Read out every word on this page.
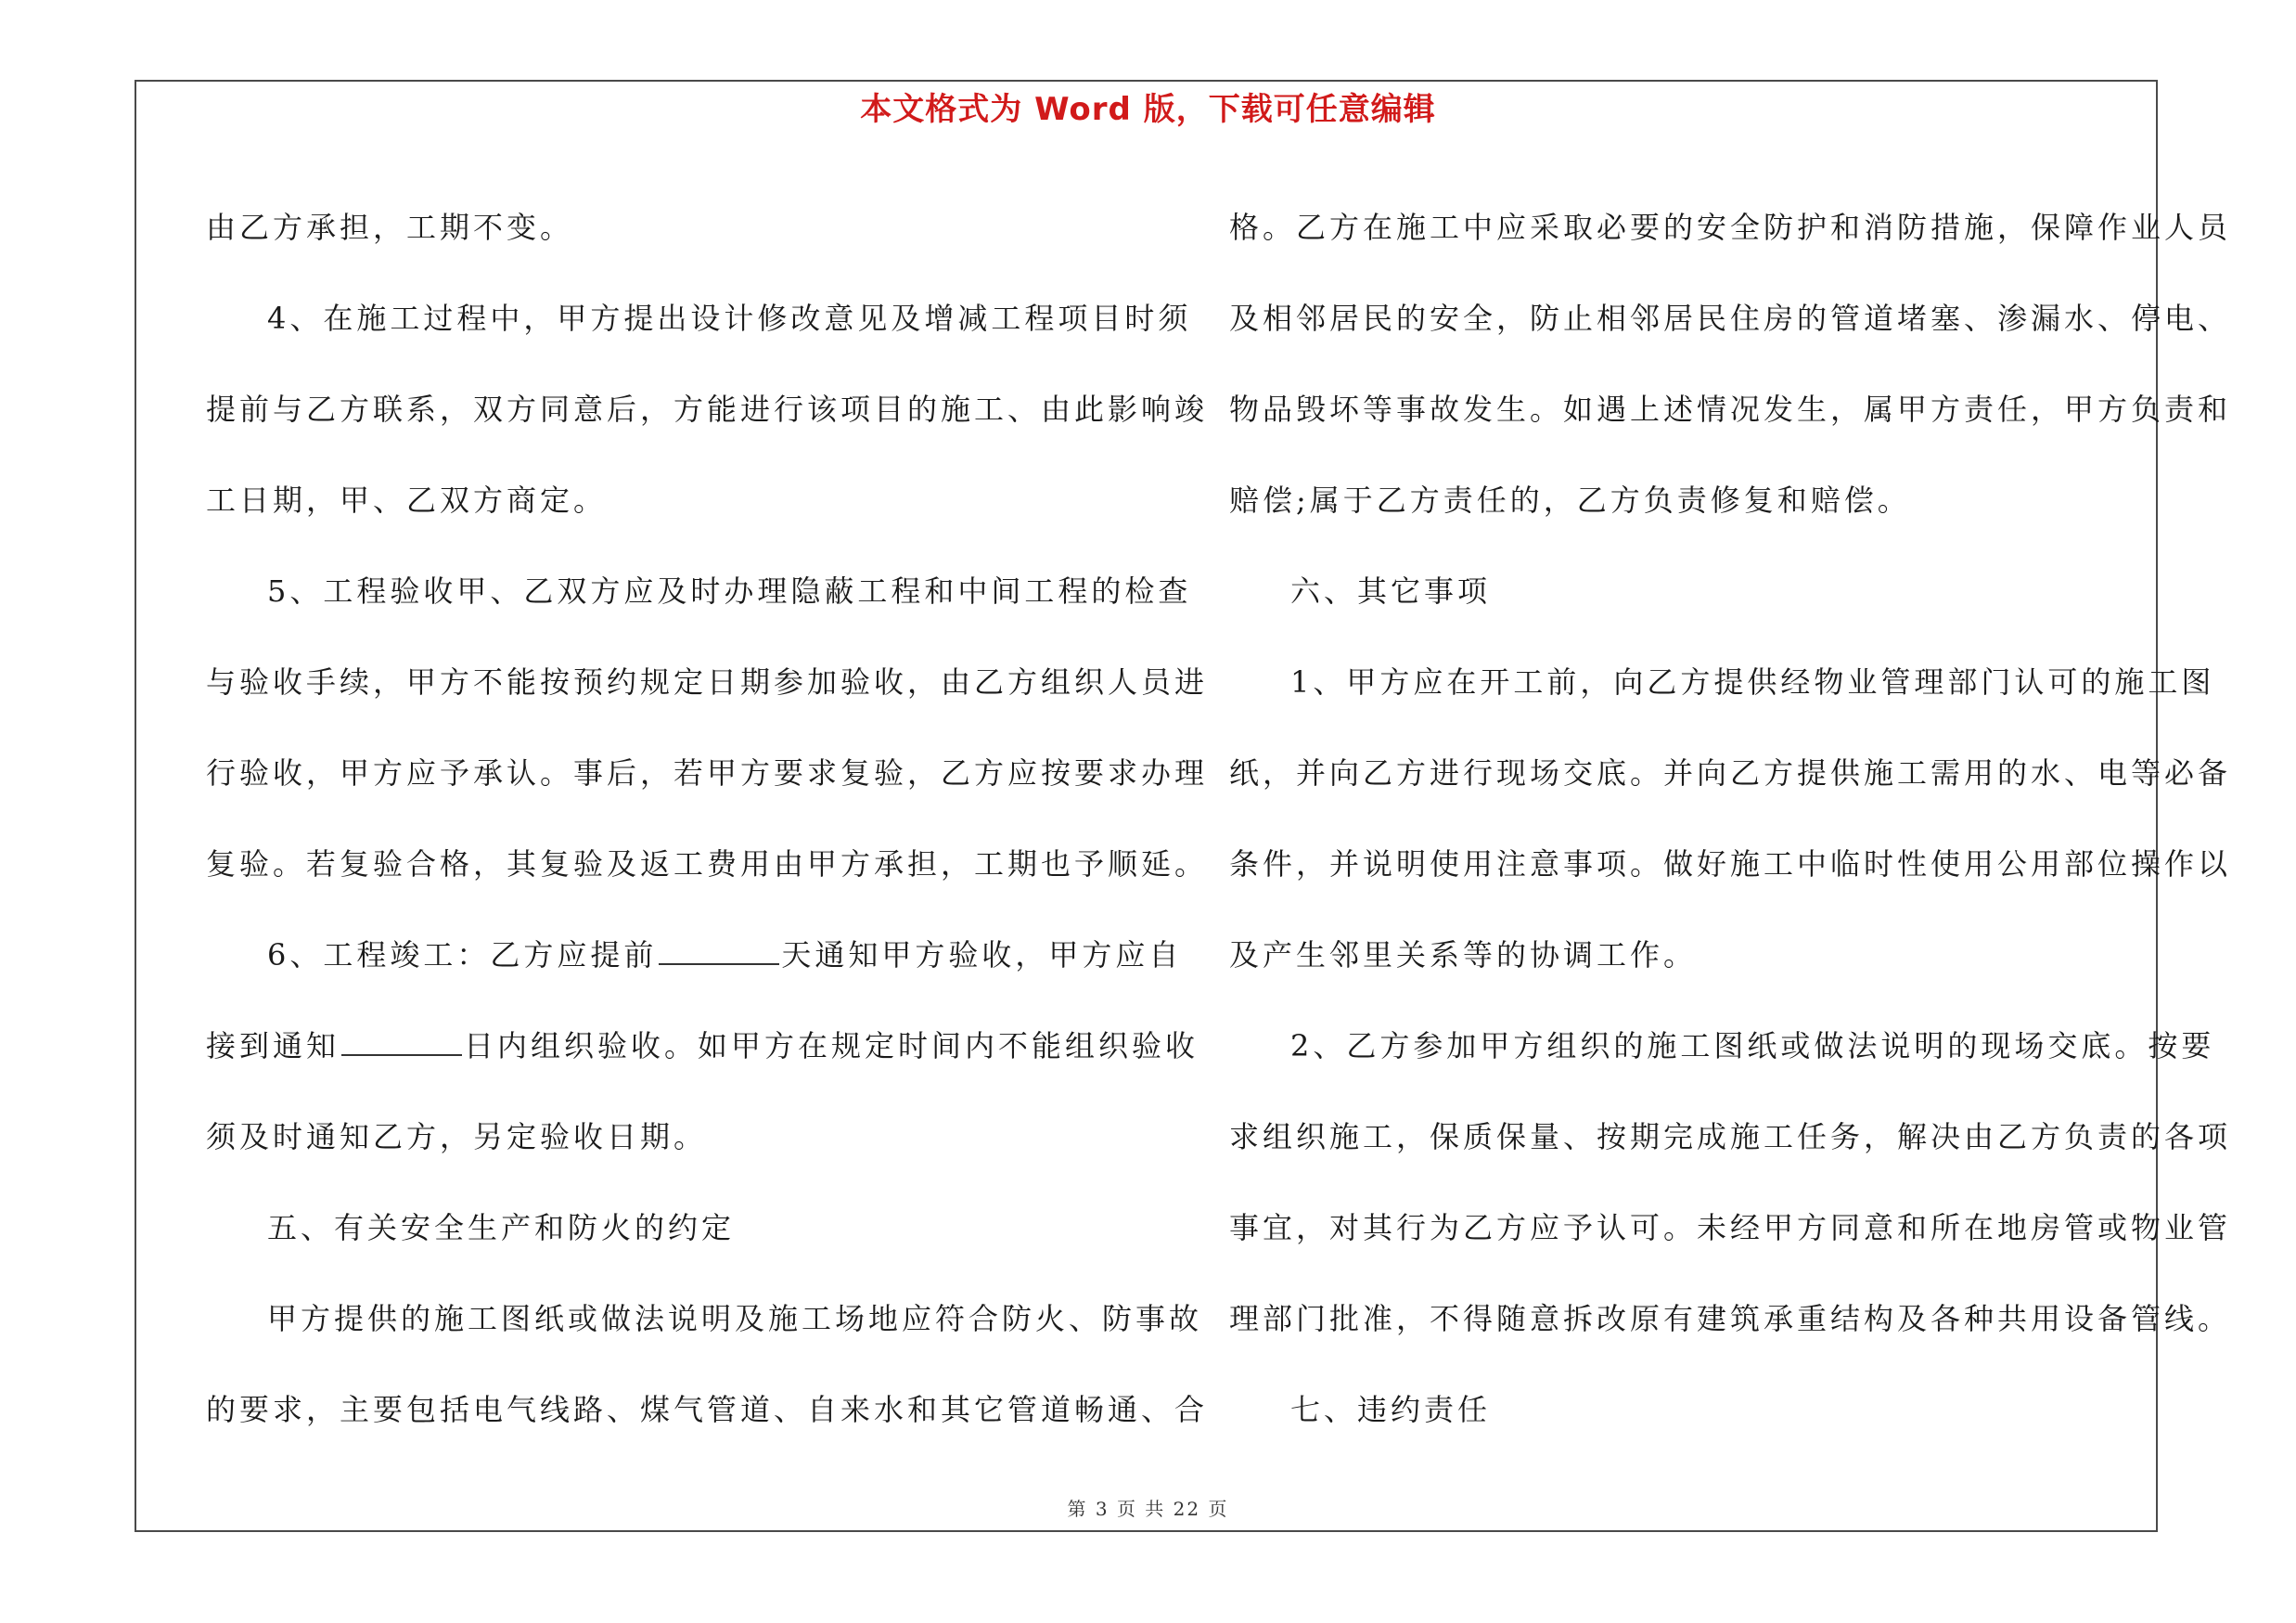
本文格式为 Word 版，下载可任意编辑
由乙方承担，工期不变。
4、在施工过程中，甲方提出设计修改意见及增减工程项目时须
提前与乙方联系，双方同意后，方能进行该项目的施工、由此影响竣
工日期，甲、乙双方商定。
5、工程验收甲、乙双方应及时办理隐蔽工程和中间工程的检查
与验收手续，甲方不能按预约规定日期参加验收，由乙方组织人员进
行验收，甲方应予承认。事后，若甲方要求复验，乙方应按要求办理
复验。若复验合格，其复验及返工费用由甲方承担，工期也予顺延。
6、工程竣工：乙方应提前	天通知甲方验收，甲方应自
接到通知	日内组织验收。如甲方在规定时间内不能组织验收
须及时通知乙方，另定验收日期。
五、有关安全生产和防火的约定
甲方提供的施工图纸或做法说明及施工场地应符合防火、防事故
的要求，主要包括电气线路、煤气管道、自来水和其它管道畅通、合
格。乙方在施工中应采取必要的安全防护和消防措施，保障作业人员
及相邻居民的安全，防止相邻居民住房的管道堵塞、渗漏水、停电、
物品毁坏等事故发生。如遇上述情况发生，属甲方责任，甲方负责和
赔偿;属于乙方责任的，乙方负责修复和赔偿。
六、其它事项
1、甲方应在开工前，向乙方提供经物业管理部门认可的施工图
纸，并向乙方进行现场交底。并向乙方提供施工需用的水、电等必备
条件，并说明使用注意事项。做好施工中临时性使用公用部位操作以
及产生邻里关系等的协调工作。
2、乙方参加甲方组织的施工图纸或做法说明的现场交底。按要
求组织施工，保质保量、按期完成施工任务，解决由乙方负责的各项
事宜，对其行为乙方应予认可。未经甲方同意和所在地房管或物业管
理部门批准，不得随意拆改原有建筑承重结构及各种共用设备管线。
七、违约责任
第 3 页 共 22 页
